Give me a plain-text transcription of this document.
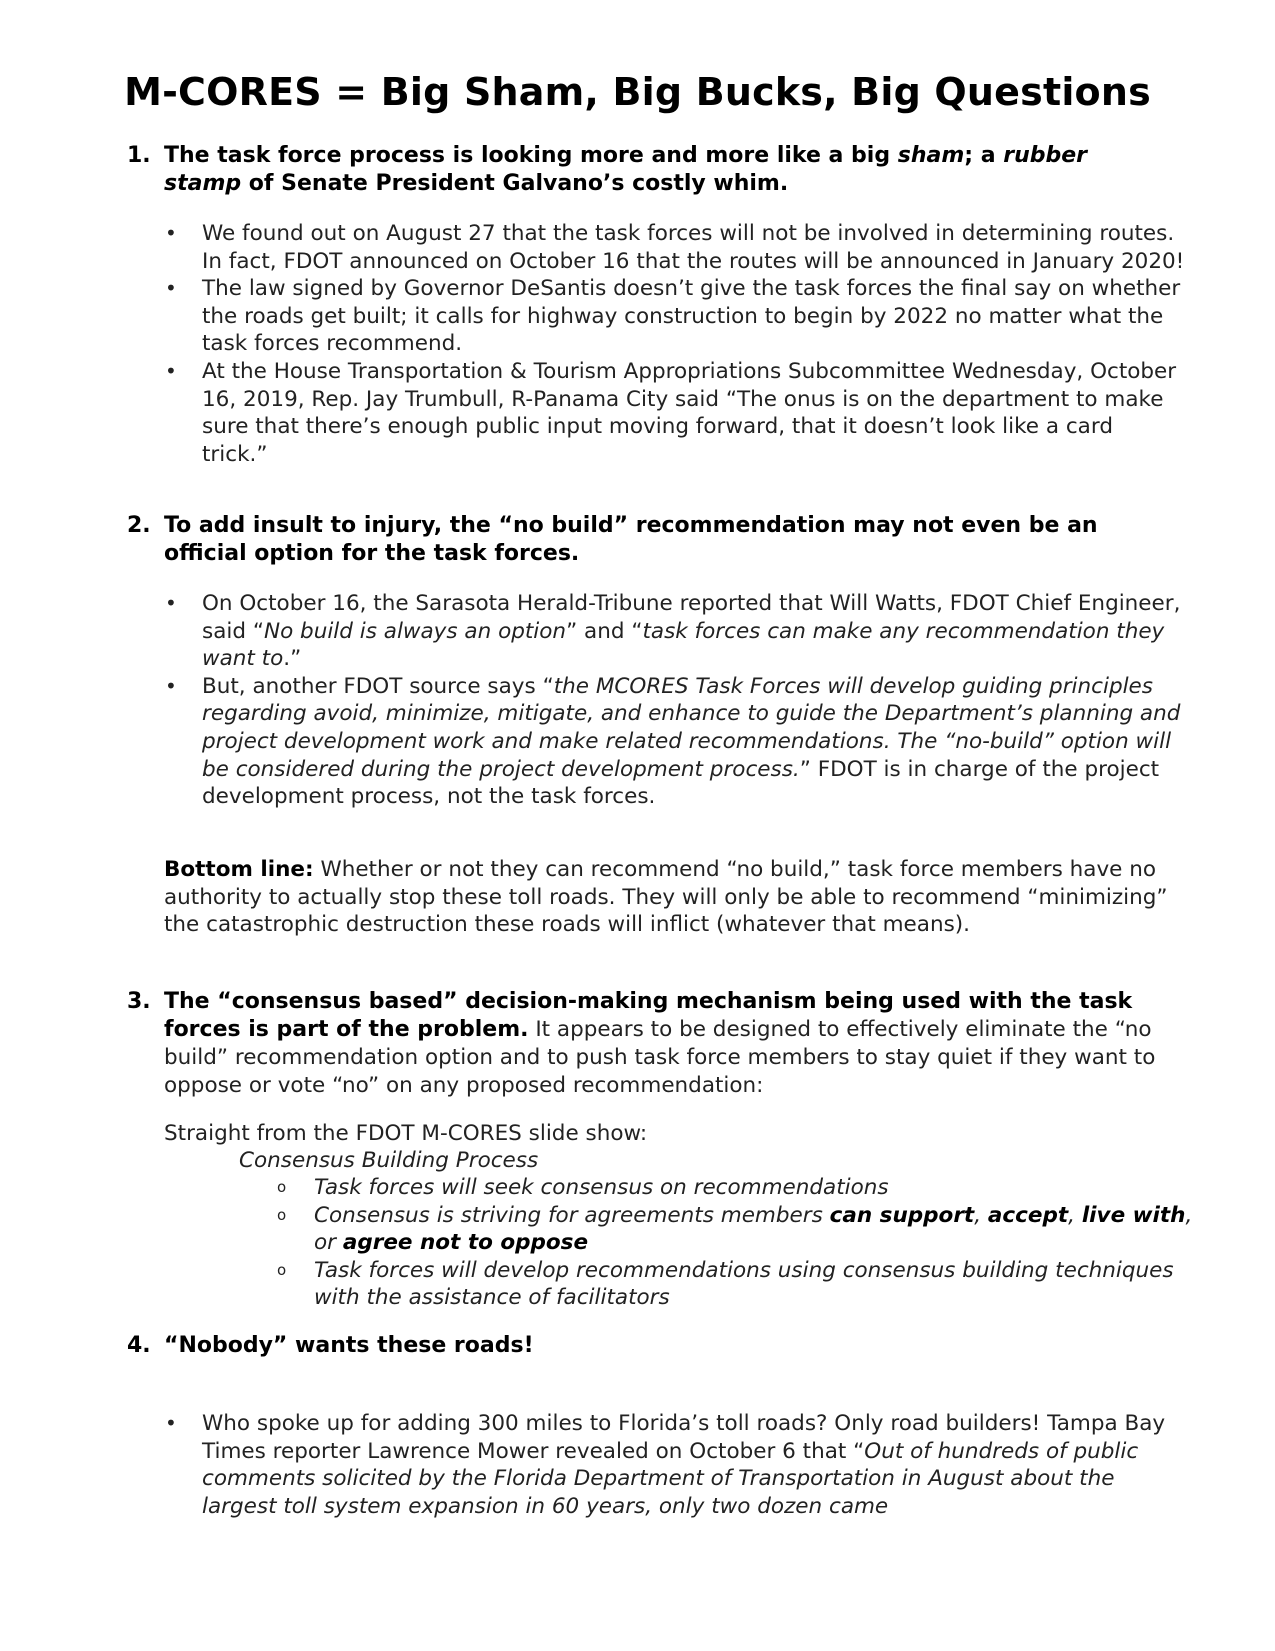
M-CORES = Big Sham, Big Bucks, Big Questions
1. The task force process is looking more and more like a big sham; a rubber stamp of Senate President Galvano’s costly whim.
• We found out on August 27 that the task forces will not be involved in determining routes. In fact, FDOT announced on October 16 that the routes will be announced in January 2020!
• The law signed by Governor DeSantis doesn’t give the task forces the final say on whether the roads get built; it calls for highway construction to begin by 2022 no matter what the task forces recommend.
• At the House Transportation & Tourism Appropriations Subcommittee Wednesday, October 16, 2019, Rep. Jay Trumbull, R-Panama City said “The onus is on the department to make sure that there’s enough public input moving forward, that it doesn’t look like a card trick.”
2. To add insult to injury, the “no build” recommendation may not even be an official option for the task forces.
• On October 16, the Sarasota Herald-Tribune reported that Will Watts, FDOT Chief Engineer, said “No build is always an option” and “task forces can make any recommendation they want to.”
• But, another FDOT source says “the MCORES Task Forces will develop guiding principles regarding avoid, minimize, mitigate, and enhance to guide the Department’s planning and project development work and make related recommendations. The “no-build” option will be considered during the project development process.” FDOT is in charge of the project development process, not the task forces.
Bottom line: Whether or not they can recommend “no build,” task force members have no authority to actually stop these toll roads. They will only be able to recommend “minimizing” the catastrophic destruction these roads will inflict (whatever that means).
3. The “consensus based” decision-making mechanism being used with the task forces is part of the problem. It appears to be designed to effectively eliminate the “no build” recommendation option and to push task force members to stay quiet if they want to oppose or vote “no” on any proposed recommendation:
Straight from the FDOT M-CORES slide show:
Consensus Building Process
o Task forces will seek consensus on recommendations
o Consensus is striving for agreements members can support, accept, live with, or agree not to oppose
o Task forces will develop recommendations using consensus building techniques with the assistance of facilitators
4. “Nobody” wants these roads!
• Who spoke up for adding 300 miles to Florida’s toll roads? Only road builders! Tampa Bay Times reporter Lawrence Mower revealed on October 6 that “Out of hundreds of public comments solicited by the Florida Department of Transportation in August about the largest toll system expansion in 60 years, only two dozen came
